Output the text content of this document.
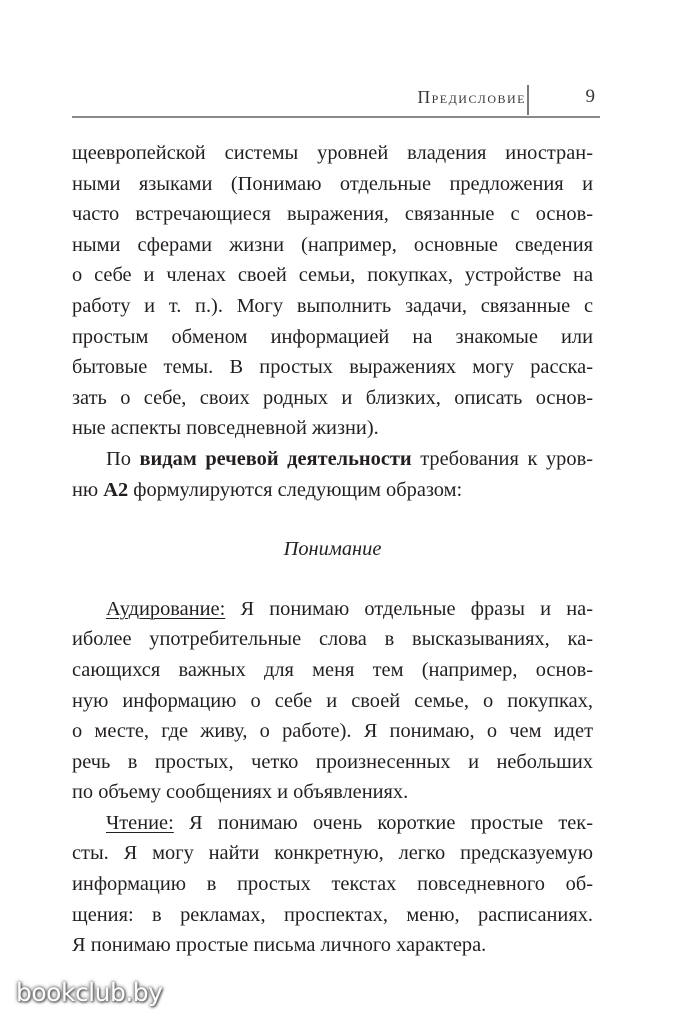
Предисловие	9
щеевропейской системы уровней владения иностран-
ными языками (Понимаю отдельные предложения и
часто встречающиеся выражения, связанные с основ-
ными сферами жизни (например, основные сведения
о себе и членах своей семьи, покупках, устройстве на
работу и т. п.). Могу выполнить задачи, связанные с
простым обменом информацией на знакомые или
бытовые темы. В простых выражениях могу расска-
зать о себе, своих родных и близких, описать основ-
ные аспекты повседневной жизни).
По видам речевой деятельности требования к уров-
ню А2 формулируются следующим образом:
Понимание
Аудирование: Я понимаю отдельные фразы и на-
иболее употребительные слова в высказываниях, ка-
сающихся важных для меня тем (например, основ-
ную информацию о себе и своей семье, о покупках,
о месте, где живу, о работе). Я понимаю, о чем идет
речь в простых, четко произнесенных и небольших
по объему сообщениях и объявлениях.
Чтение: Я понимаю очень короткие простые тек-
сты. Я могу найти конкретную, легко предсказуемую
информацию в простых текстах повседневного об-
щения: в рекламах, проспектах, меню, расписаниях.
Я понимаю простые письма личного характера.
bookclub.by
